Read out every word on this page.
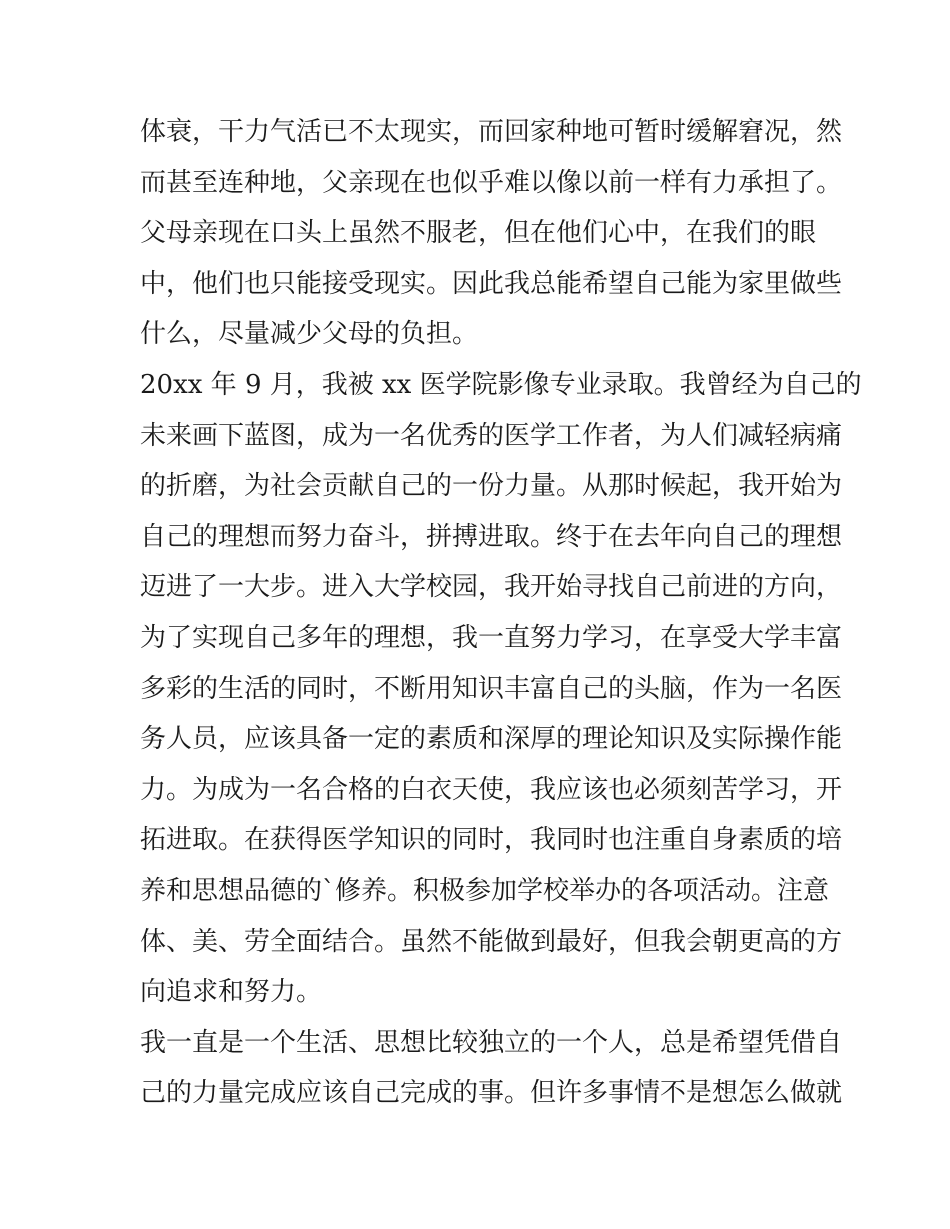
体衰，干力气活已不太现实，而回家种地可暂时缓解窘况，然
而甚至连种地，父亲现在也似乎难以像以前一样有力承担了。
父母亲现在口头上虽然不服老，但在他们心中，在我们的眼
中，他们也只能接受现实。因此我总能希望自己能为家里做些
什么，尽量减少父母的负担。
20xx 年 9 月，我被 xx 医学院影像专业录取。我曾经为自己的
未来画下蓝图，成为一名优秀的医学工作者，为人们减轻病痛
的折磨，为社会贡献自己的一份力量。从那时候起，我开始为
自己的理想而努力奋斗，拼搏进取。终于在去年向自己的理想
迈进了一大步。进入大学校园，我开始寻找自己前进的方向，
为了实现自己多年的理想，我一直努力学习，在享受大学丰富
多彩的生活的同时，不断用知识丰富自己的头脑，作为一名医
务人员，应该具备一定的素质和深厚的理论知识及实际操作能
力。为成为一名合格的白衣天使，我应该也必须刻苦学习，开
拓进取。在获得医学知识的同时，我同时也注重自身素质的培
养和思想品德的`修养。积极参加学校举办的各项活动。注意
体、美、劳全面结合。虽然不能做到最好，但我会朝更高的方
向追求和努力。
我一直是一个生活、思想比较独立的一个人，总是希望凭借自
己的力量完成应该自己完成的事。但许多事情不是想怎么做就
